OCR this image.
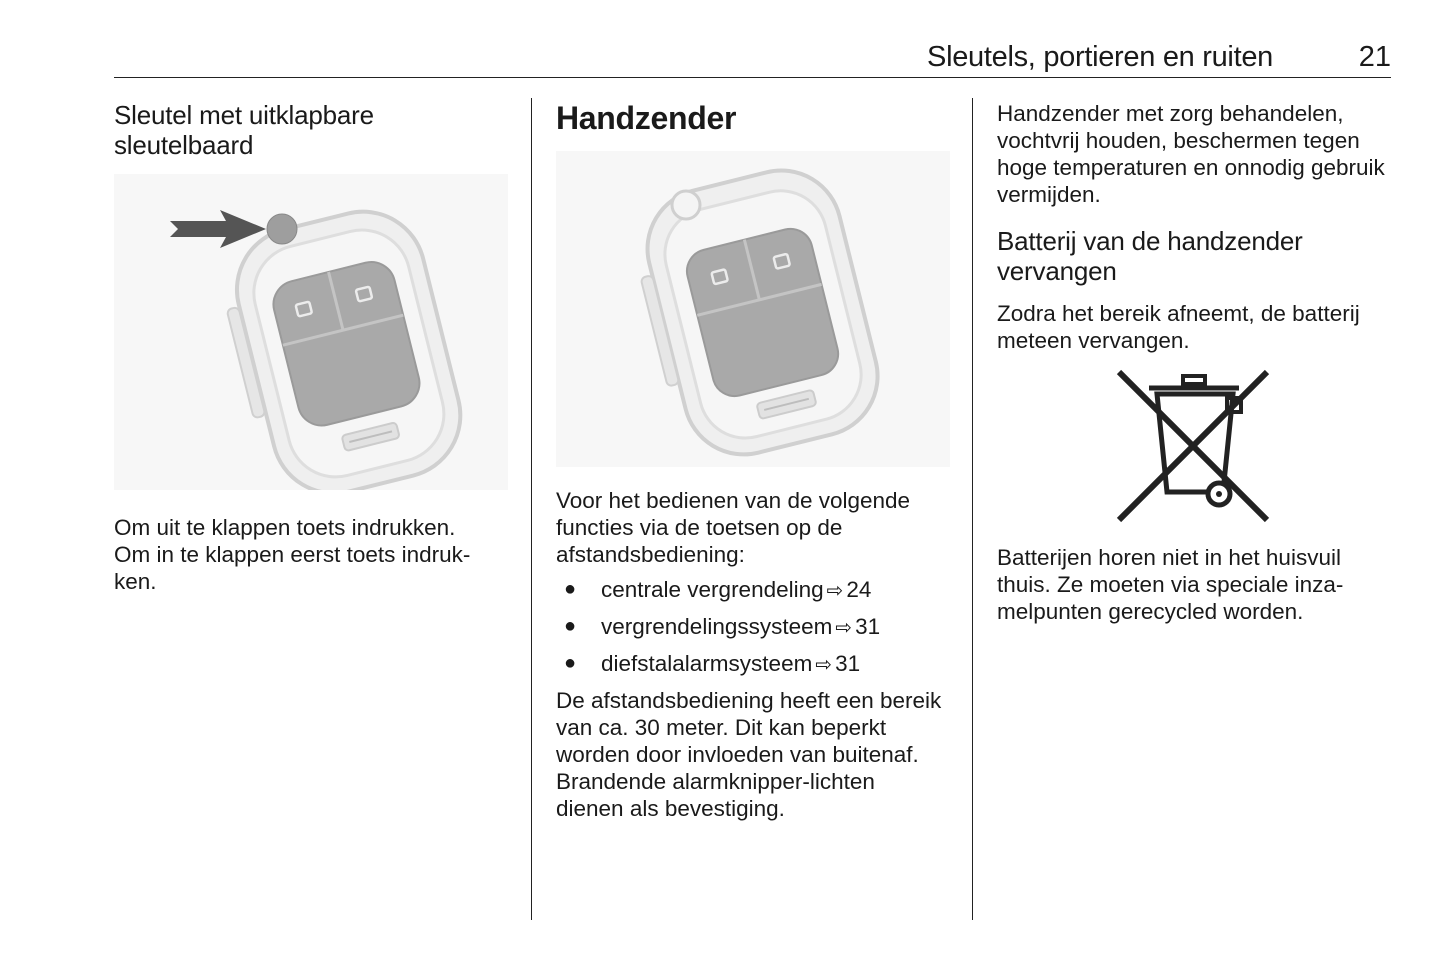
Sleutels, portieren en ruiten	21
Sleutel met uitklapbare sleutelbaard

Om uit te klappen toets indrukken.

Om in te klappen eerst toets indruk-ken.

Handzender

Voor het bedienen van de volgende functies via de toetsen op de afstandsbediening:

● centrale vergrendeling ⇨ 24
● vergrendelingssysteem ⇨ 31
● diefstalalarmsysteem ⇨ 31

De afstandsbediening heeft een bereik van ca. 30 meter. Dit kan beperkt worden door invloeden van buitenaf. Brandende alarmknipper-lichten dienen als bevestiging.

Handzender met zorg behandelen, vochtvrij houden, beschermen tegen hoge temperaturen en onnodig gebruik vermijden.

Batterij van de handzender vervangen

Zodra het bereik afneemt, de batterij meteen vervangen.

Batterijen horen niet in het huisvuil thuis. Ze moeten via speciale inza-melpunten gerecycled worden.
